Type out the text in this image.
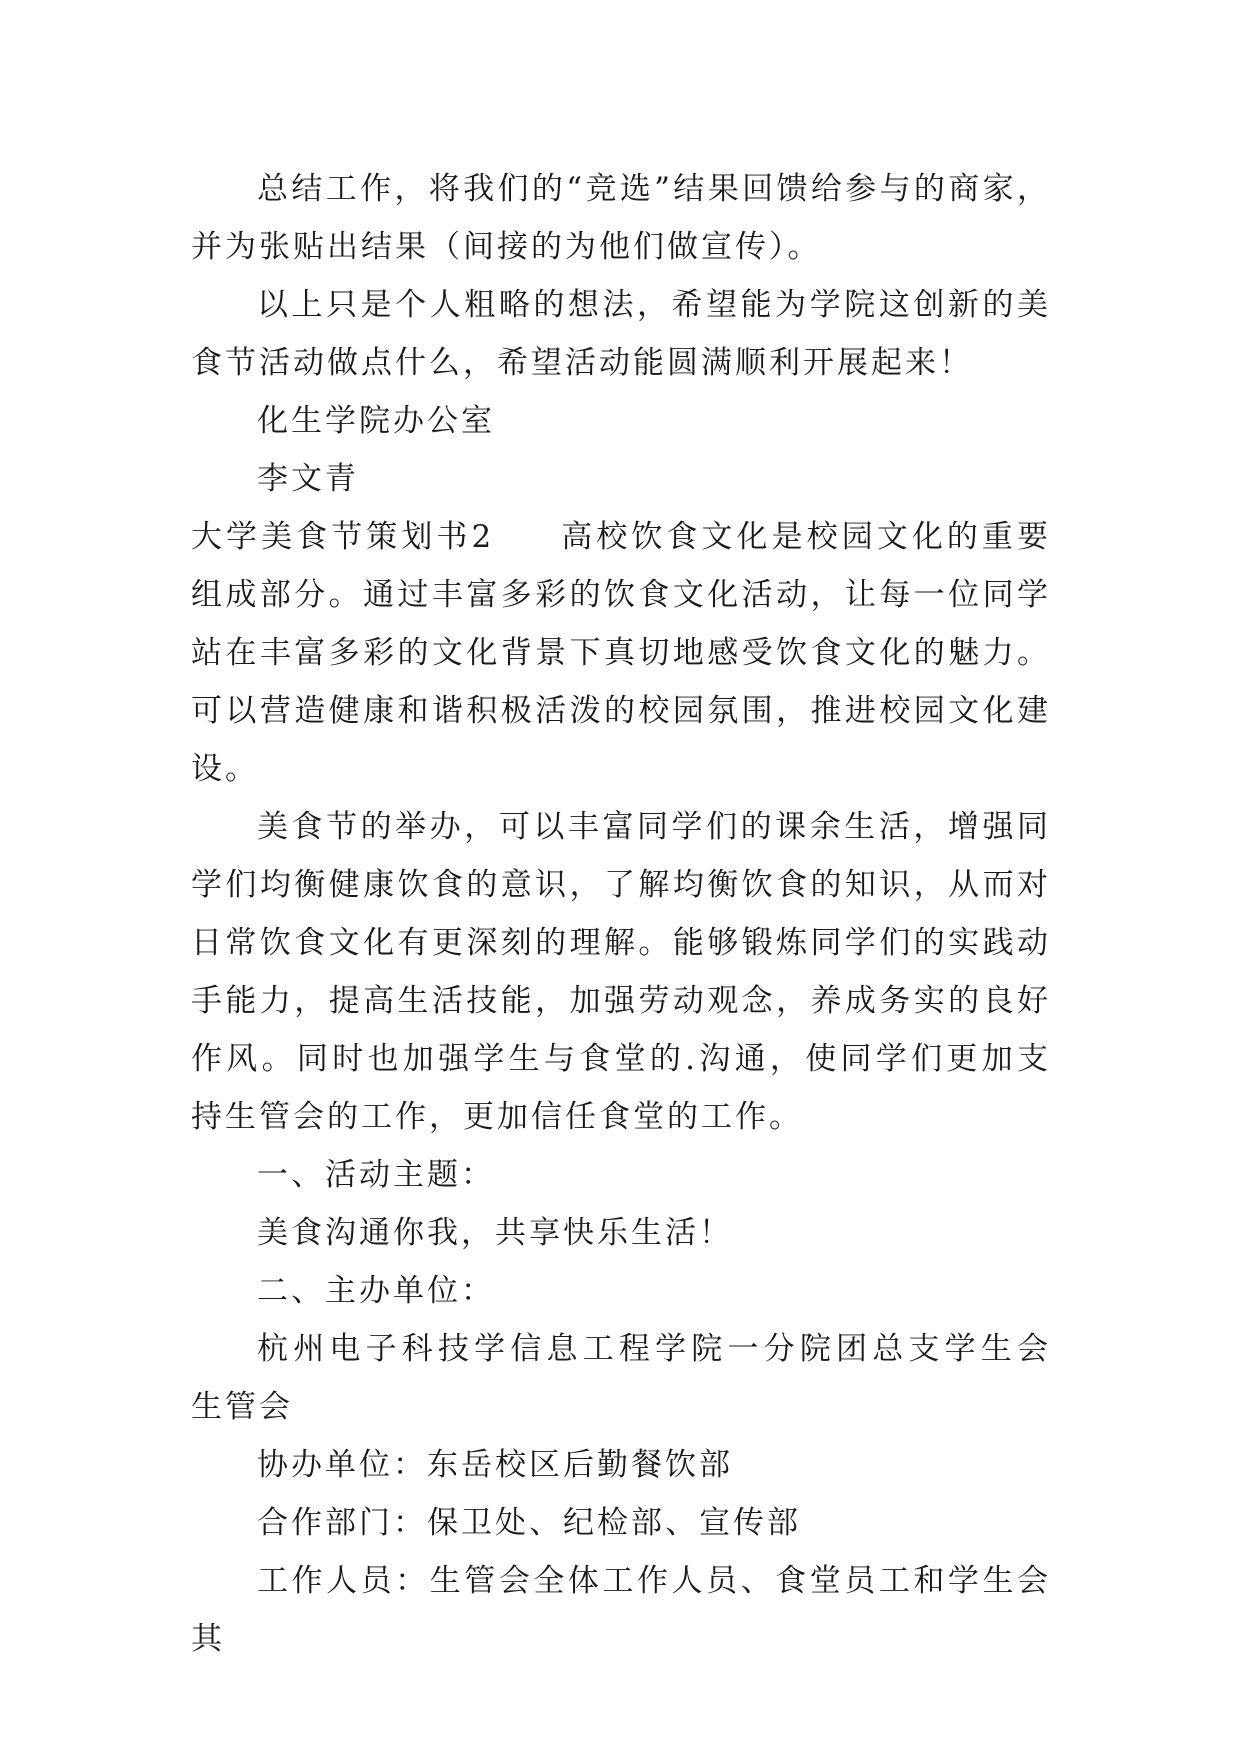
总结工作，将我们的“竞选”结果回馈给参与的商家，并为张贴出结果（间接的为他们做宣传）。

以上只是个人粗略的想法，希望能为学院这创新的美食节活动做点什么，希望活动能圆满顺利开展起来！

化生学院办公室

李文青

大学美食节策划书2 高校饮食文化是校园文化的重要组成部分。通过丰富多彩的饮食文化活动，让每一位同学站在丰富多彩的文化背景下真切地感受饮食文化的魅力。 可以营造健康和谐积极活泼的校园氛围，推进校园文化建设。

美食节的举办，可以丰富同学们的课余生活，增强同学们均衡健康饮食的意识，了解均衡饮食的知识，从而对日常饮食文化有更深刻的理解。能够锻炼同学们的实践动手能力，提高生活技能，加强劳动观念，养成务实的良好作风。同时也加强学生与食堂的.沟通，使同学们更加支持生管会的工作，更加信任食堂的工作。

一、活动主题：

美食沟通你我，共享快乐生活！

二、主办单位：

杭州电子科技学信息工程学院一分院团总支学生会 生管会

协办单位：东岳校区后勤餐饮部

合作部门：保卫处、纪检部、宣传部

工作人员：生管会全体工作人员、食堂员工和学生会其
